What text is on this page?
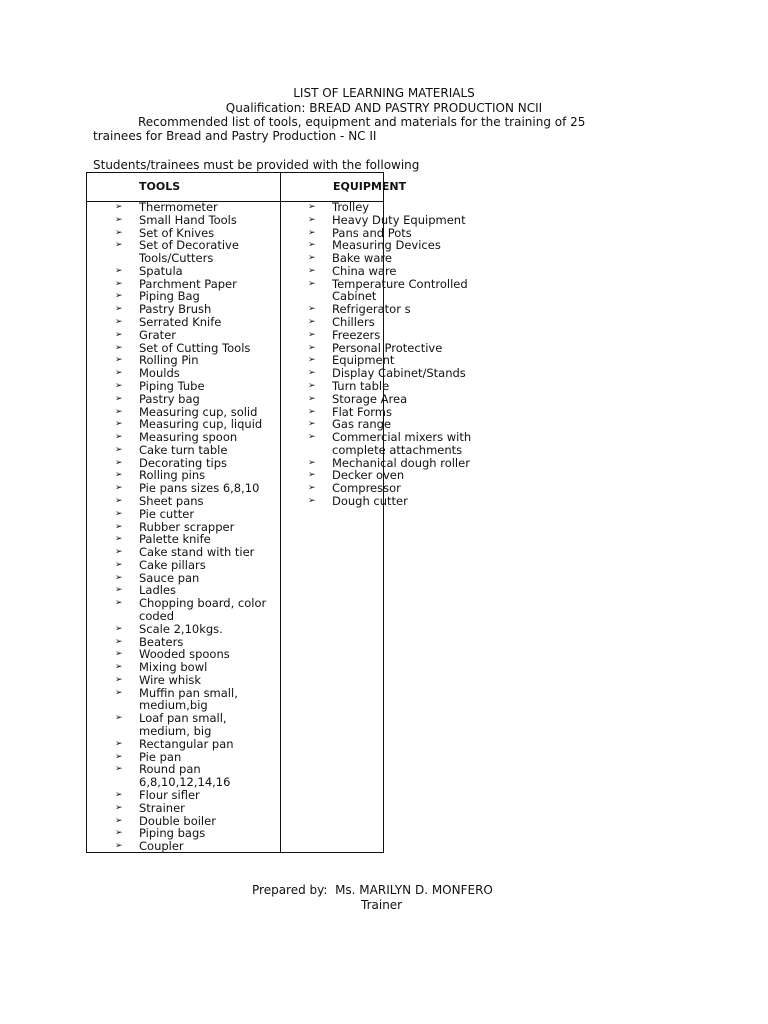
LIST OF LEARNING MATERIALS
Qualification: BREAD AND PASTRY PRODUCTION NCII

Recommended list of tools, equipment and materials for the training of 25
trainees for Bread and Pastry Production - NC II

Students/trainees must be provided with the following

TOOLS	EQUIPMENT
➢ Thermometer
➢ Small Hand Tools
➢ Set of Knives
➢ Set of Decorative
Tools/Cutters
➢ Spatula
➢ Parchment Paper
➢ Piping Bag
➢ Pastry Brush
➢ Serrated Knife
➢ Grater
➢ Set of Cutting Tools
➢ Rolling Pin
➢ Moulds
➢ Piping Tube
➢ Pastry bag
➢ Measuring cup, solid
➢ Measuring cup, liquid
➢ Measuring spoon
➢ Cake turn table
➢ Decorating tips
➢ Rolling pins
➢ Pie pans sizes 6,8,10
➢ Sheet pans
➢ Pie cutter
➢ Rubber scrapper
➢ Palette knife
➢ Cake stand with tier
➢ Cake pillars
➢ Sauce pan
➢ Ladles
➢ Chopping board, color
coded
➢ Scale 2,10kgs.
➢ Beaters
➢ Wooded spoons
➢ Mixing bowl
➢ Wire whisk
➢ Muffin pan small,
medium,big
➢ Loaf pan small,
medium, big
➢ Rectangular pan
➢ Pie pan
➢ Round pan
6,8,10,12,14,16
➢ Flour sifler
➢ Strainer
➢ Double boiler
➢ Piping bags
➢ Coupler
➢ Trolley
➢ Heavy Duty Equipment
➢ Pans and Pots
➢ Measuring Devices
➢ Bake ware
➢ China ware
➢ Temperature Controlled
Cabinet
➢ Refrigerator s
➢ Chillers
➢ Freezers
➢ Personal Protective
➢ Equipment
➢ Display Cabinet/Stands
➢ Turn table
➢ Storage Area
➢ Flat Forms
➢ Gas range
➢ Commercial mixers with
complete attachments
➢ Mechanical dough roller
➢ Decker oven
➢ Compressor
➢ Dough cutter

Prepared by: Ms. MARILYN D. MONFERO

Trainer
